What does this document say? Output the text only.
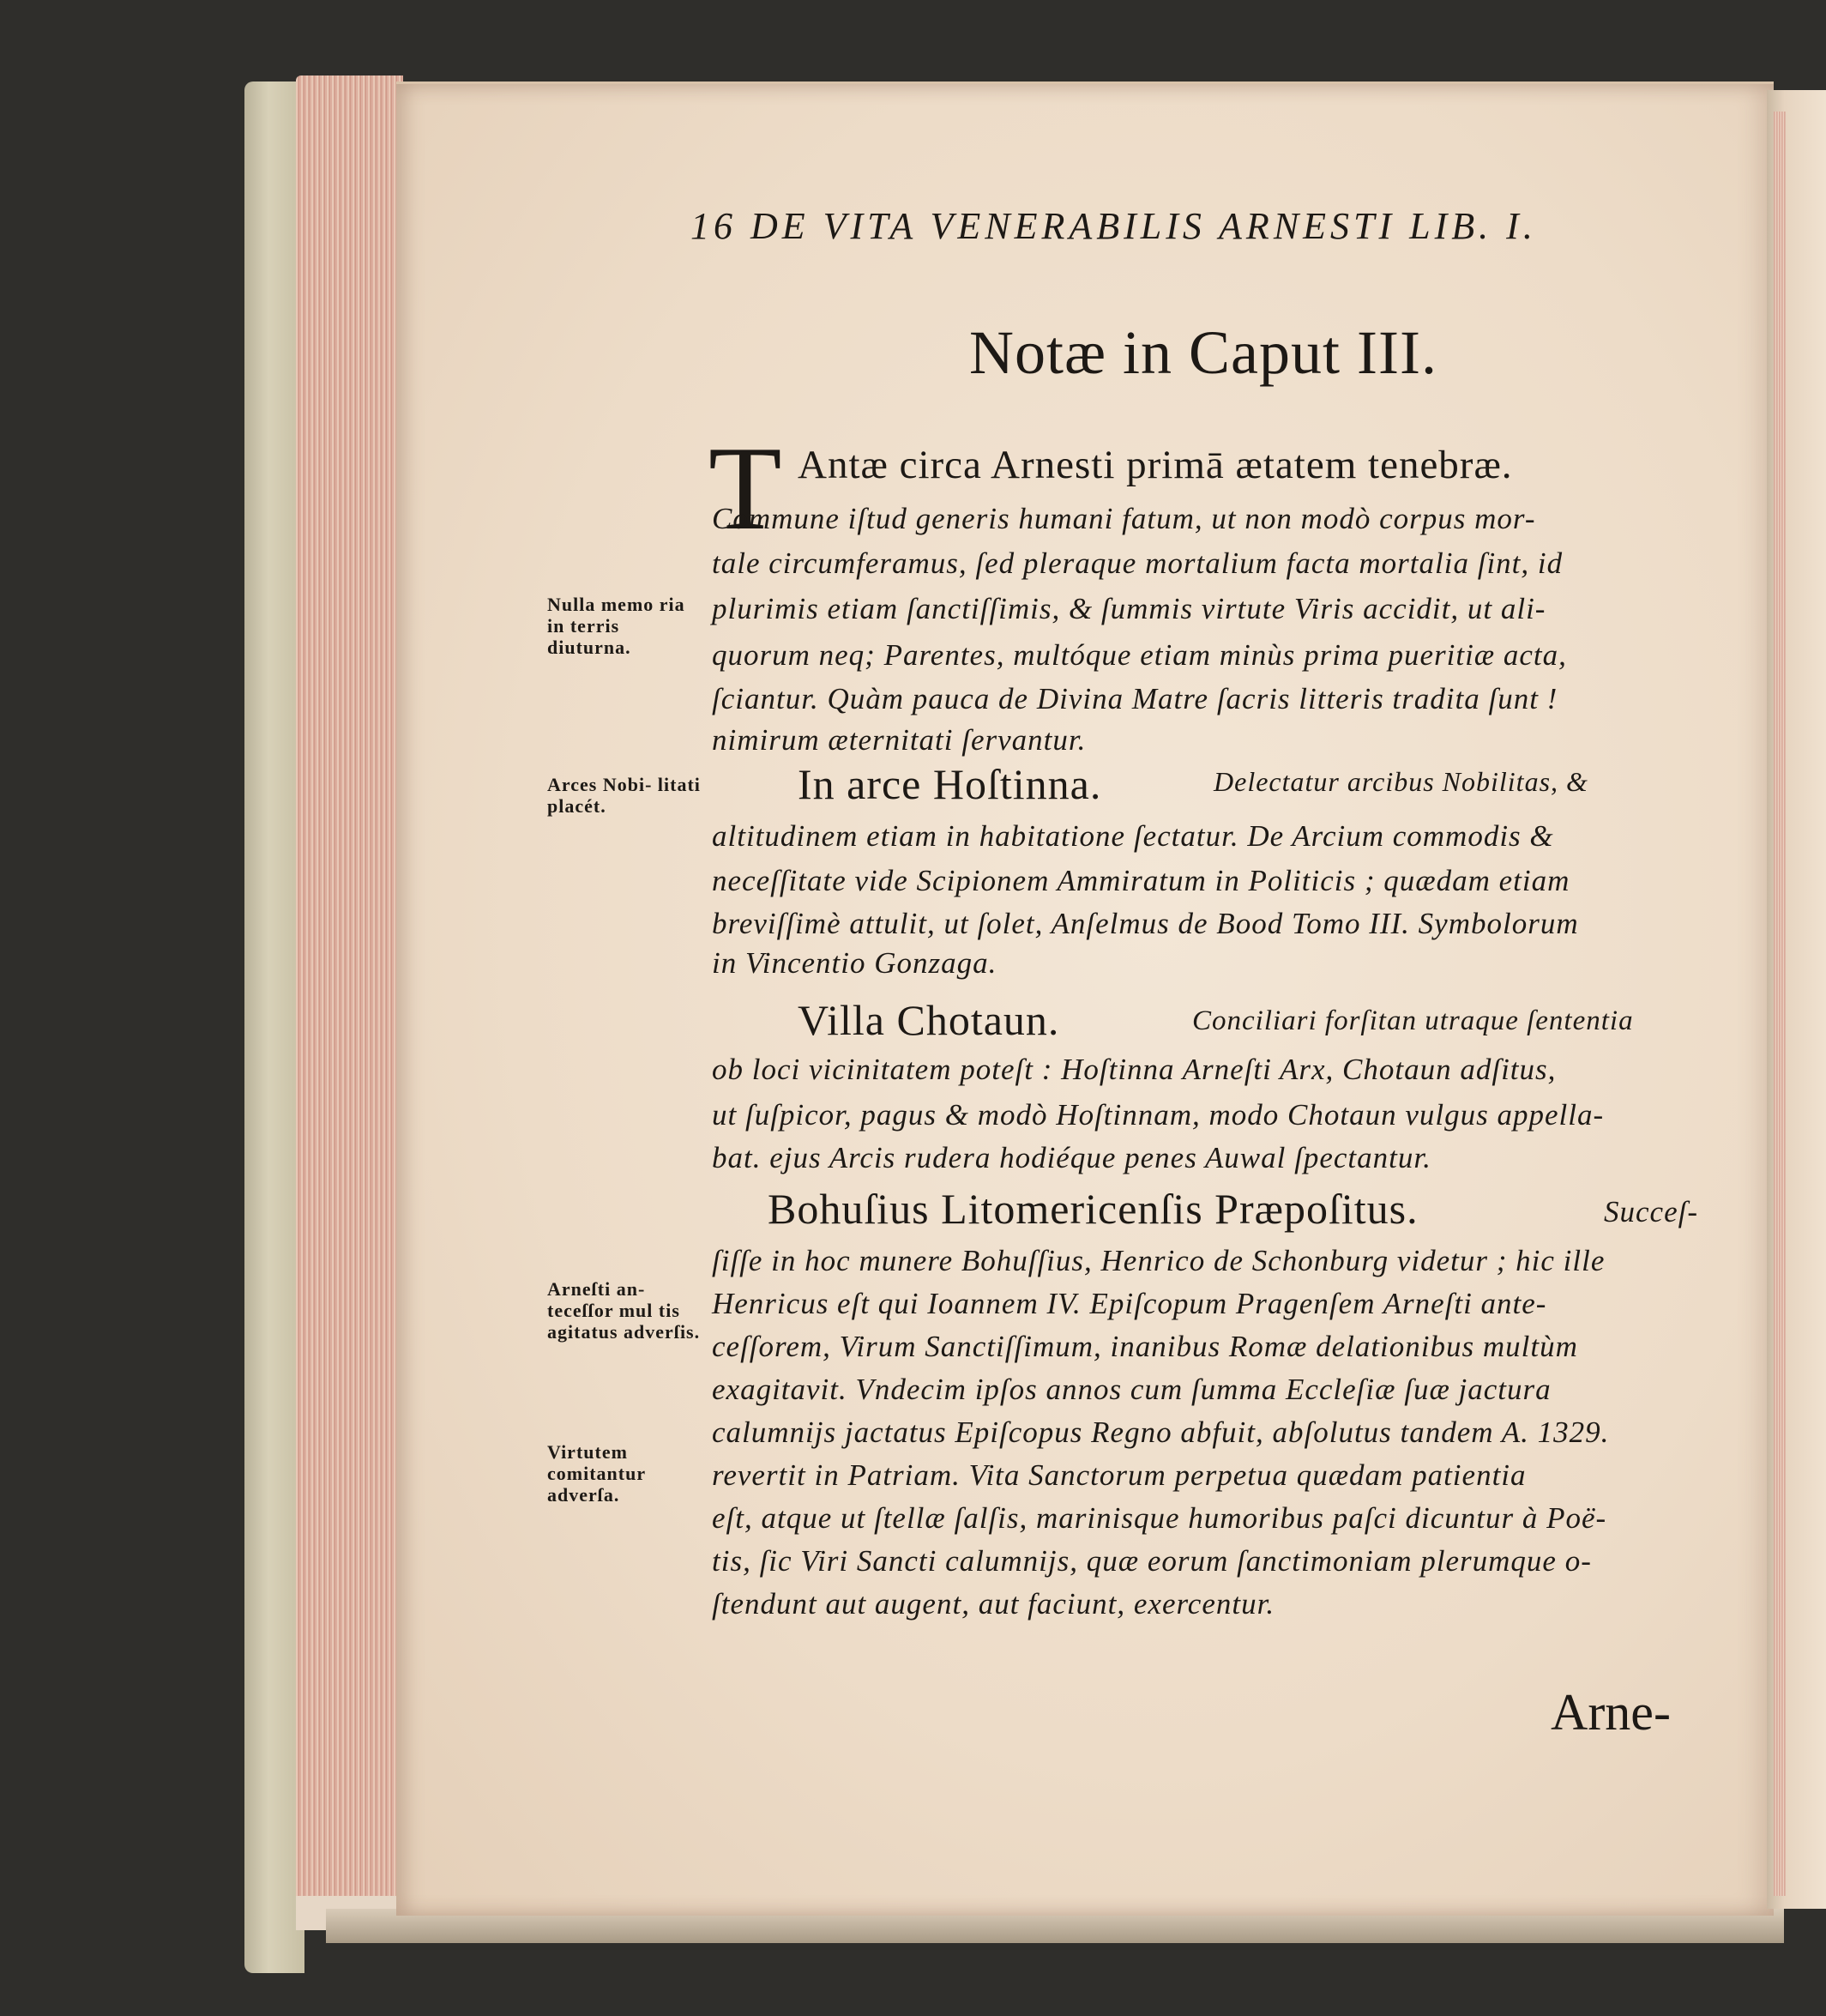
16 DE VITA VENERABILIS ARNESTI LIB. I.
Notæ in Caput III.
T Antæ circa Arnesti primā ætatem tenebræ.
Commune iſtud generis humani fatum, ut non modò corpus mor-
tale circumferamus, ſed pleraque mortalium facta mortalia ſint, id
plurimis etiam ſanctiſſimis, & ſummis virtute Viris accidit, ut ali-
quorum neq; Parentes, multóque etiam minùs prima pueritiæ acta,
ſciantur. Quàm pauca de Divina Matre ſacris litteris tradita ſunt !
nimirum æternitati ſervantur.
In arce Hoſtinna.	Delectatur arcibus Nobilitas, &
altitudinem etiam in habitatione ſectatur. De Arcium commodis &
neceſſitate vide Scipionem Ammiratum in Politicis ; quædam etiam
breviſſimè attulit, ut ſolet, Anſelmus de Bood Tomo III. Symbolorum
in Vincentio Gonzaga.
Villa Chotaun.	Conciliari forſitan utraque ſententia
ob loci vicinitatem poteſt : Hoſtinna Arneſti Arx, Chotaun adſitus,
ut ſuſpicor, pagus & modò Hoſtinnam, modo Chotaun vulgus appella-
bat. ejus Arcis rudera hodiéque penes Auwal ſpectantur.
Bohuſius Litomericenſis Præpoſitus.	Succeſ-
ſiſſe in hoc munere Bohuſſius, Henrico de Schonburg videtur ; hic ille
Henricus eſt qui Ioannem IV. Epiſcopum Pragenſem Arneſti ante-
ceſſorem, Virum Sanctiſſimum, inanibus Romæ delationibus multùm
exagitavit. Vndecim ipſos annos cum ſumma Eccleſiæ ſuæ jactura
calumnijs jactatus Epiſcopus Regno abfuit, abſolutus tandem A. 1329.
revertit in Patriam. Vita Sanctorum perpetua quædam patientia
eſt, atque ut ſtellæ ſalſis, marinisque humoribus paſci dicuntur à Poë-
tis, ſic Viri Sancti calumnijs, quæ eorum ſanctimoniam plerumque o-
ſtendunt aut augent, aut faciunt, exercentur.
Nulla memo ria in terris diuturna.
Arces Nobi- litati placét.
Arneſti an- teceſſor mul tis agitatus adverſis.
Virtutem comitantur adverſa.
Arne-
